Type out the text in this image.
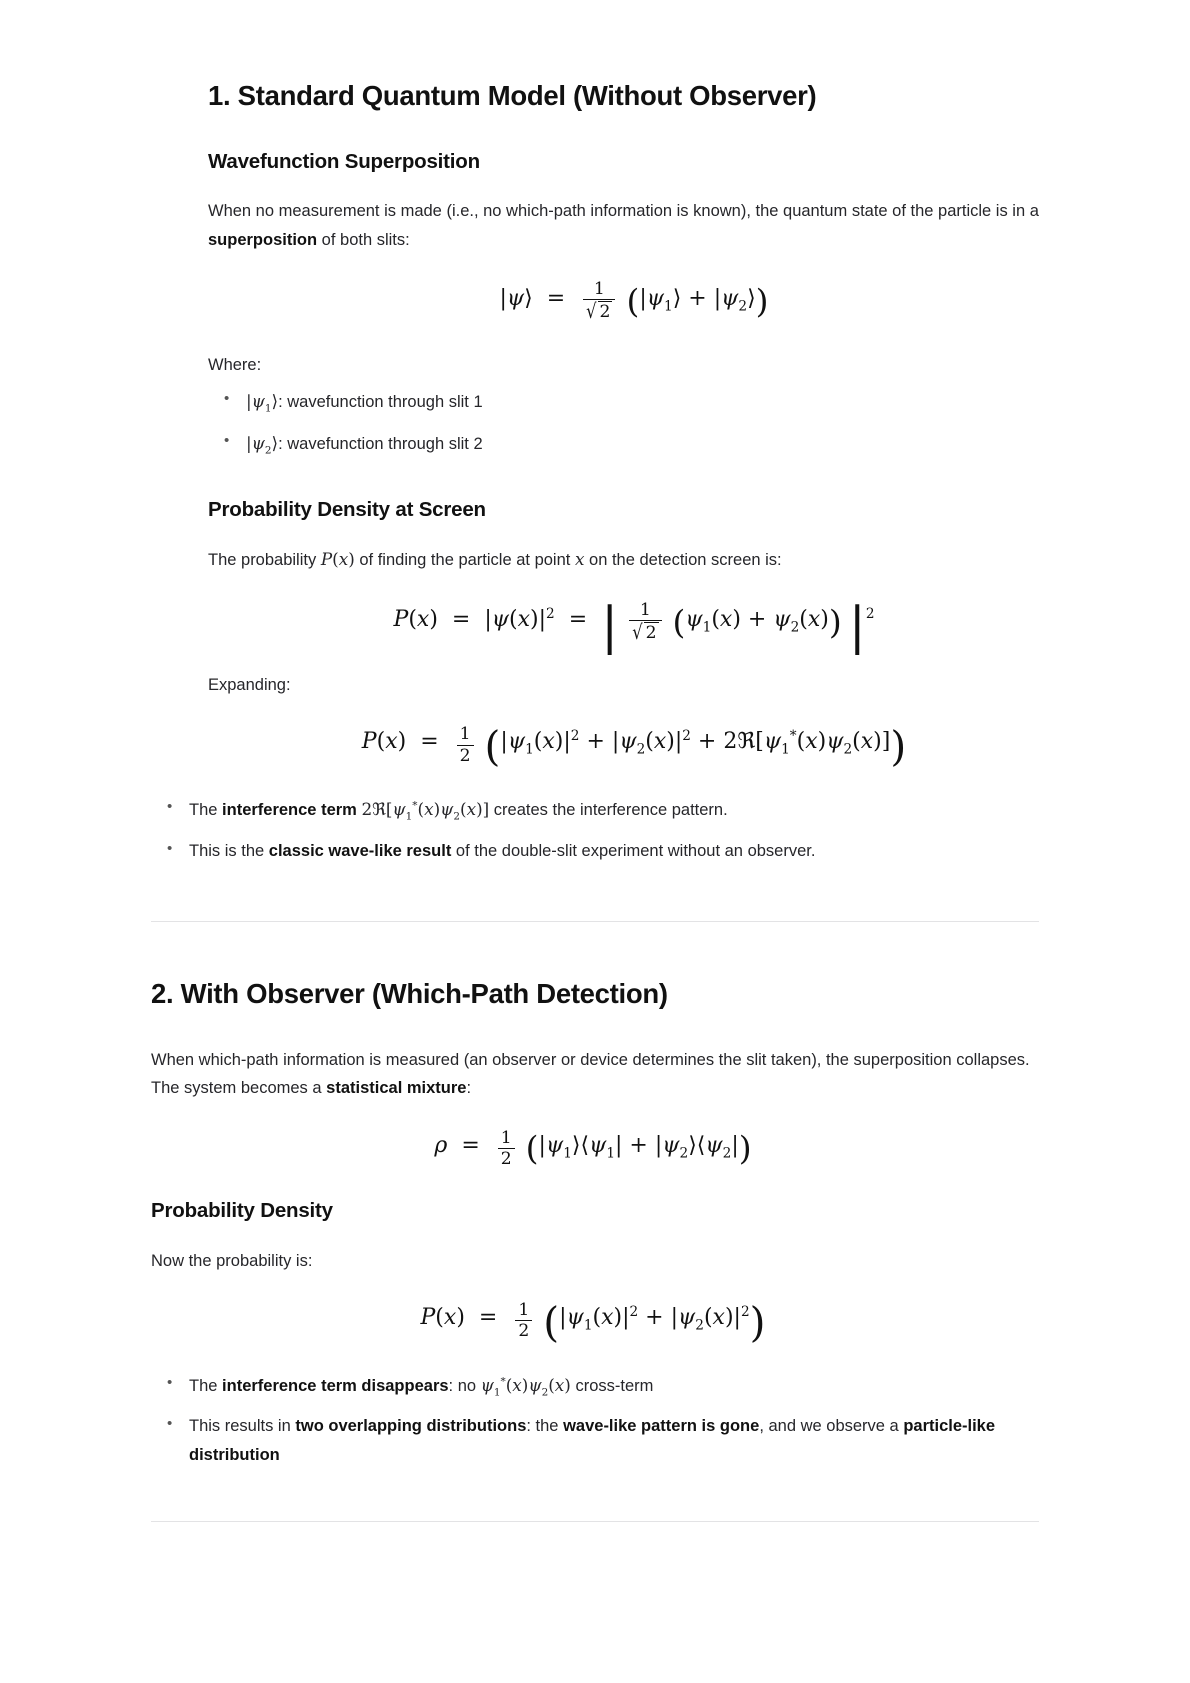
1. Standard Quantum Model (Without Observer)
Wavefunction Superposition

When no measurement is made (i.e., no which-path information is known), the quantum state of the particle is in a superposition of both slits:

|ψ⟩  = $\frac{1}{√ 2}$ ($|\psi_1⟩$ + $|\psi_2⟩$)

Where:

• $|\psi_1⟩$: wavefunction through slit 1
• $|\psi_2⟩$: wavefunction through slit 2
Probability Density at Screen

The probability P(x) of finding the particle at point x on the detection screen is:

$P(x) = |\psi(x)|^2$  =  | $\frac{1}{√ 2} (\psi_1(x) + \psi_2(x))$ $|^2$

Expanding:

$P(x) = \frac{1}{2} (|\psi_1(x)|^2 + |\psi_2(x)|^2$ + $2ℜ[\psi_1^*(x)\psi_2(x)]$)
• The interference term $2ℜ[\psi_1^*(x)\psi_2(x)]$ creates the interference pattern.
• This is the classic wave-like result of the double-slit experiment without an observer.
2. With Observer (Which-Path Detection)

When which-path information is measured (an observer or device determines the slit taken), the superposition collapses. The system becomes a statistical mixture:

$\rho = \frac{1}{2}$ ($|\psi_1⟩⟨\psi_1|$ + $|\psi_2⟩⟨\psi_2|$)
Probability Density

Now the probability is:

$P(x) = \frac{1}{2} (|\psi_1(x)|^2 + |\psi_2(x)|^2)$
• The interference term disappears: no $\psi_1^*(x)\psi_2(x)$ cross-term
• This results in two overlapping distributions: the wave-like pattern is gone, and we observe a particle-like distribution
